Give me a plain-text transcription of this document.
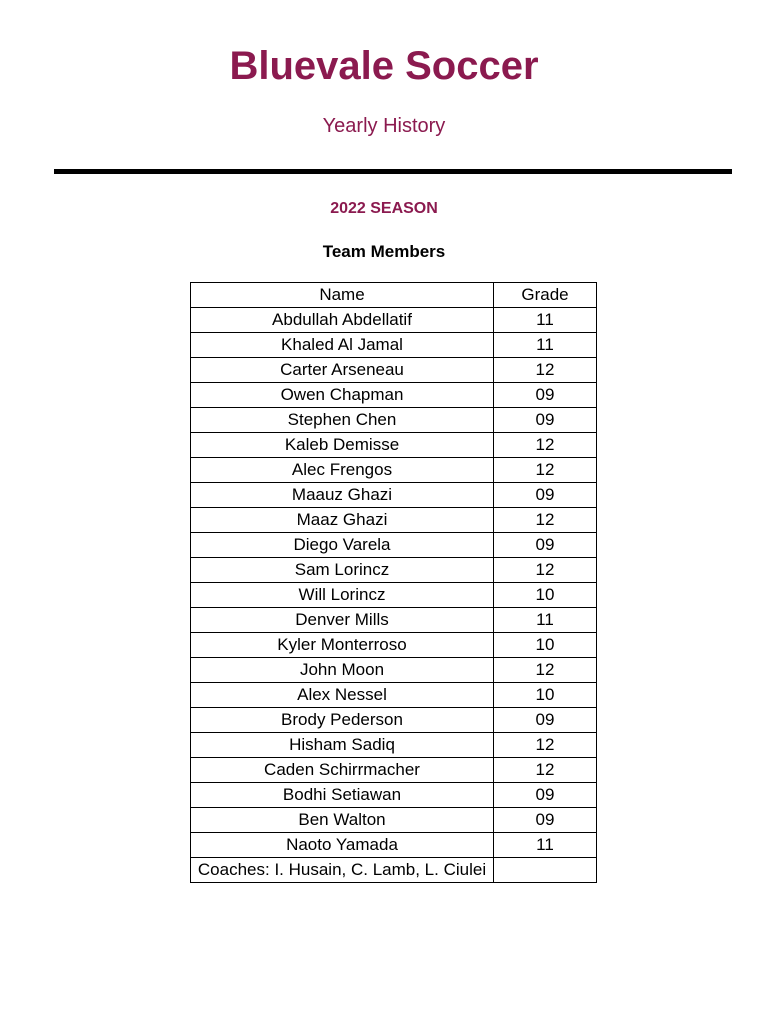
Bluevale Soccer
Yearly History
2022 SEASON
Team Members
Name	Grade
Abdullah Abdellatif	11
Khaled Al Jamal	11
Carter Arseneau	12
Owen Chapman	09
Stephen Chen	09
Kaleb Demisse	12
Alec Frengos	12
Maauz Ghazi	09
Maaz Ghazi	12
Diego Varela	09
Sam Lorincz	12
Will Lorincz	10
Denver Mills	11
Kyler Monterroso	10
John Moon	12
Alex Nessel	10
Brody Pederson	09
Hisham Sadiq	12
Caden Schirrmacher	12
Bodhi Setiawan	09
Ben Walton	09
Naoto Yamada	11
Coaches: I. Husain, C. Lamb, L. Ciulei	
